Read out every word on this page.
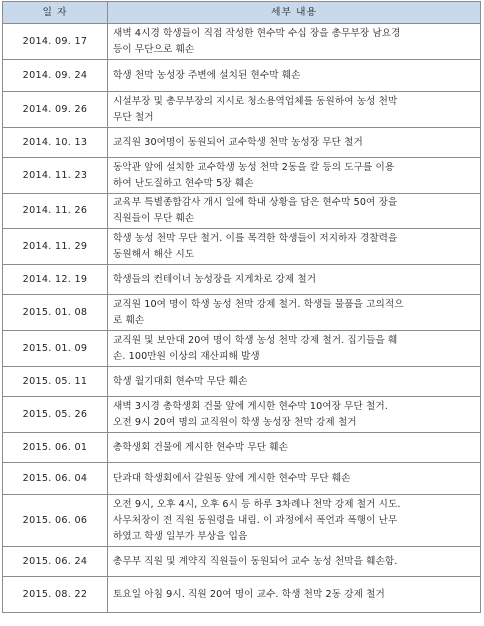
일 자	세부 내용
2014. 09. 17	새벽 4시경 학생들이 직접 작성한 현수막 수십 장을 총무부장 남요경
등이 무단으로 훼손

2014. 09. 24	학생 천막 농성장 주변에 설치된 현수막 훼손

2014. 09. 26	시설부장 및 총무부장의 지시로 청소용역업체를 동원하여 농성 천막
무단 철거

2014. 10. 13	교직원 30여명이 동원되어 교수학생 천막 농성장 무단 철거

2014. 11. 23	동악관 앞에 설치한 교수학생 농성 천막 2동을 칼 등의 도구를 이용
하여 난도질하고 현수막 5장 훼손

2014. 11. 26	교육부 특별종합감사 개시 일에 학내 상황을 담은 현수막 50여 장을
직원들이 무단 훼손

2014. 11. 29	학생 농성 천막 무단 철거. 이를 목격한 학생들이 저지하자 경찰력을
동원해서 해산 시도

2014. 12. 19	학생들의 컨테이너 농성장을 지게차로 강제 철거

2015. 01. 08	교직원 10여 명이 학생 농성 천막 강제 철거. 학생들 물품을 고의적으
로 훼손

2015. 01. 09	교직원 및 보안대 20여 명이 학생 농성 천막 강제 철거. 집기들을 훼
손. 100만원 이상의 재산피해 발생

2015. 05. 11	학생 월기대회 현수막 무단 훼손

2015. 05. 26	새벽 3시경 총학생회 건물 앞에 게시한 현수막 10여장 무단 철거.
오전 9시 20여 명의 교직원이 학생 농성장 천막 강제 철거

2015. 06. 01	총학생회 건물에 게시한 현수막 무단 훼손

2015. 06. 04	단과대 학생회에서 갈원동 앞에 게시한 현수막 무단 훼손

2015. 06. 06	오전 9시, 오후 4시, 오후 6시 등 하루 3차례나 천막 강제 철거 시도.
사무처장이 전 직원 동원령을 내림. 이 과정에서 폭언과 폭행이 난무
하였고 학생 일부가 부상을 입음

2015. 06. 24	총무부 직원 및 계약직 직원들이 동원되어 교수 농성 천막을 훼손함.

2015. 08. 22	토요일 아침 9시. 직원 20여 명이 교수. 학생 천막 2동 강제 철거
